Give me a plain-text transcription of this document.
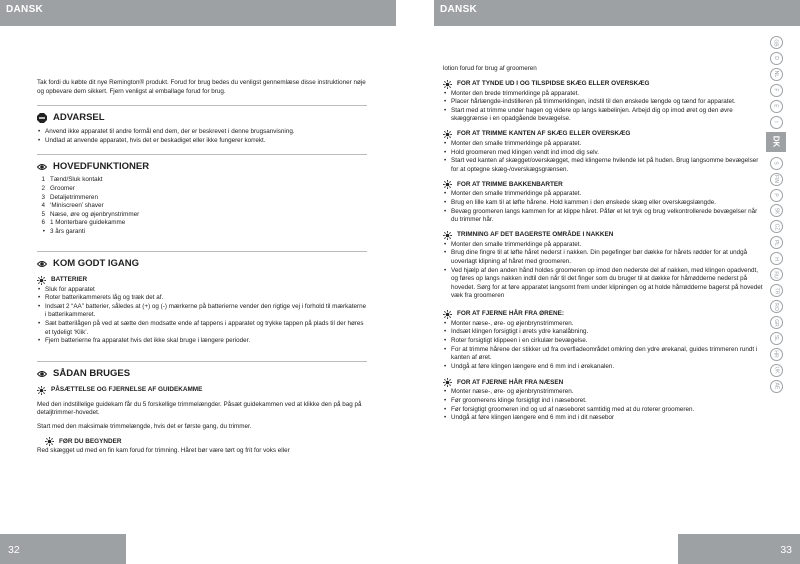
DANSK	DANSK

Tak fordi du købte dit nye Remington® produkt. Forud for brug bedes du venligst gennemlæse disse instruktioner nøje og opbevare dem sikkert. Fjern venligst al emballage forud for brug.

ADVARSEL
• Anvend ikke apparatet til andre formål end dem, der er beskrevet i denne brugsanvisning.
• Undlad at anvende apparatet, hvis det er beskadiget eller ikke fungerer korrekt.
HOVEDFUNKTIONER
1 Tænd/Sluk kontakt
2 Groomer
3 Detaljetrimmeren
4 ‘Miniscreen’ shaver
5 Næse, øre og øjenbrynstrimmer
6 1 Monterbare guidekamme
• 3 års garanti
KOM GODT IGANG
BATTERIER
• Sluk for apparatet
• Roter batterikammerets låg og træk det af.
• Indsæt 2 “AA” batterier, således at (+) og (-) mærkerne på batterierne vender den rigtige vej i forhold til mærkaterne i batterikammeret.
• Sæt batterilågen på ved at sætte den modsatte ende af tappens i apparatet og trykke tappen på plads til der høres et tydeligt ‘Klik’.
• Fjern batterierne fra apparatet hvis det ikke skal bruge i længere perioder.
SÅDAN BRUGES
PÅSÆTTELSE OG FJERNELSE AF GUIDEKAMME

Med den indstillelige guidekam får du 5 forskellige trimmelængder. Påsæt guidekammen ved at klikke den på bag på detaljtrimmer-hovedet.

Start med den maksimale trimmelængde, hvis det er første gang, du trimmer.

FØR DU BEGYNDER

Red skægget ud med en fin kam forud for trimning. Håret bør være tørt og frit for voks eller

lotion forud for brug af groomeren

FOR AT TYNDE UD I OG TILSPIDSE SKÆG ELLER OVERSKÆG
• Monter den brede trimmerklinge på apparatet.
• Placer hårlængde-indstilleren på trimmerklingen, indstil til den ønskede længde og tænd for apparatet.
• Start med at trimme under hagen og videre op langs kæbelinjen. Arbejd dig op imod øret og den øvre skæggrænse i en opadgående bevægelse.
FOR AT TRIMME KANTEN AF SKÆG ELLER OVERSKÆG
• Monter den smalle trimmerklinge på apparatet.
• Hold groomeren med klingen vendt ind imod dig selv.
• Start ved kanten af skægget/overskægget, med klingerne hvilende let på huden. Brug langsomme bevægelser for at optegne skæg-/overskægsgrænsen.
FOR AT TRIMME BAKKENBARTER
• Monter den smalle trimmerklinge på apparatet.
• Brug en lille kam til at løfte hårene. Hold kammen i den ønskede skæg eller overskægslængde.
• Bevæg groomeren langs kammen for at klippe håret. Påfør et let tryk og brug velkontrollerede bevægelser når du trimmer hår.
TRIMNING AF DET BAGERSTE OMRÅDE I NAKKEN
• Monter den smalle trimmerklinge på apparatet.
• Brug dine fingre til at løfte håret nederst i nakken. Din pegefinger bør dække for hårets rødder for at undgå uoverlagt klipning af håret med groomeren.
• Ved hjælp af den anden hånd holdes groomeren op imod den nederste del af nakken, med klingen opadvendt, og føres op langs nakken indtil den når til det finger som du bruger til at dække for hårrødderne nederst på hovedet. Sørg for at føre apparatet langsomt frem under klipningen og at holde hårrødderne bagerst på hovedet væk fra groomeren
FOR AT FJERNE HÅR FRA ØRENE:
• Monter næse-, øre- og øjenbrynstrimmeren.
• Indsæt klingen forsigtigt i ørets ydre kanalåbning.
• Roter forsigtigt klippeen i en cirkulær bevægelse.
• For at trimme hårene der stikker ud fra overfladeområdet omkring den ydre ørekanal, guides trimmeren rundt i kanten af øret.
• Undgå at føre klingen længere end 6 mm ind i ørekanalen.
FOR AT FJERNE HÅR FRA NÆSEN
• Monter næse-, øre- og øjenbrynstrimmeren.
• Før groomerens klinge forsigtigt ind i næseboret.
• Før forsigtigt groomeren ind og ud af næseboret samtidig med at du roterer groomeren.
• Undgå at føre klingen længere end 6 mm ind i dit næsebor
GB
D
NL
F
E
I
DK
S
FIN
P
SK
CZ
PL
H
RU
TR
RO
GR
SL
HR
UK
AE
32	33
